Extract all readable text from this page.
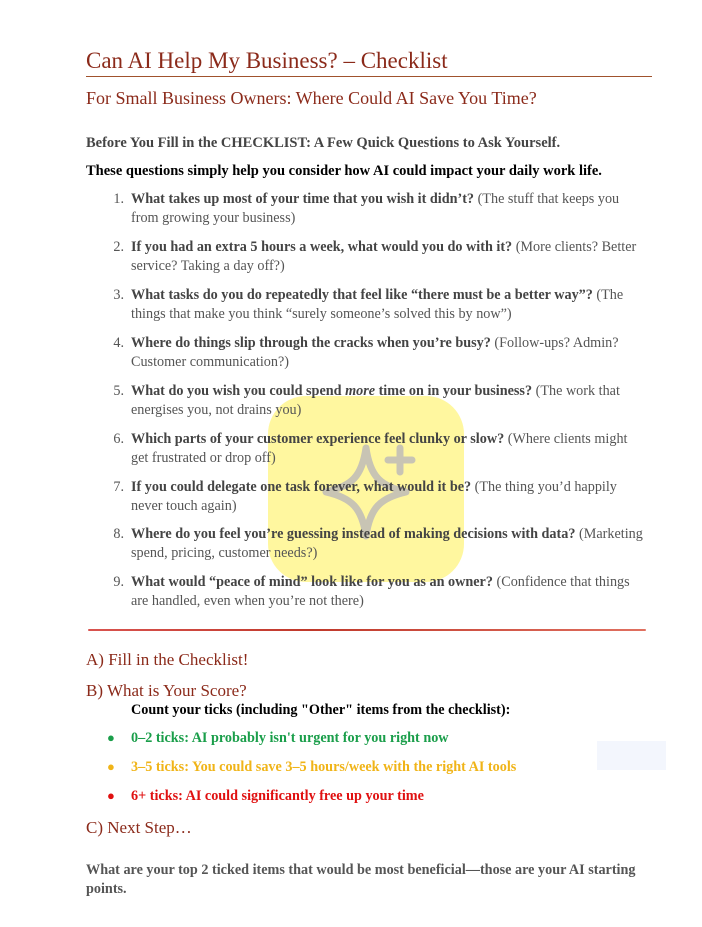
Can AI Help My Business? – Checklist
For Small Business Owners: Where Could AI Save You Time?
Before You Fill in the CHECKLIST: A Few Quick Questions to Ask Yourself.
These questions simply help you consider how AI could impact your daily work life.
1. What takes up most of your time that you wish it didn’t? (The stuff that keeps you from growing your business)
2. If you had an extra 5 hours a week, what would you do with it? (More clients? Better service? Taking a day off?)
3. What tasks do you do repeatedly that feel like “there must be a better way”? (The things that make you think “surely someone’s solved this by now”)
4. Where do things slip through the cracks when you’re busy? (Follow-ups? Admin? Customer communication?)
5. What do you wish you could spend more time on in your business? (The work that energises you, not drains you)
6. Which parts of your customer experience feel clunky or slow? (Where clients might get frustrated or drop off)
7. If you could delegate one task forever, what would it be? (The thing you’d happily never touch again)
8. Where do you feel you’re guessing instead of making decisions with data? (Marketing spend, pricing, customer needs?)
9. What would “peace of mind” look like for you as an owner? (Confidence that things are handled, even when you’re not there)
A) Fill in the Checklist!
B) What is Your Score?
Count your ticks (including "Other" items from the checklist):
● 0–2 ticks: AI probably isn't urgent for you right now
● 3–5 ticks: You could save 3–5 hours/week with the right AI tools
● 6+ ticks: AI could significantly free up your time
C) Next Step…
What are your top 2 ticked items that would be most beneficial—those are your AI starting points.
